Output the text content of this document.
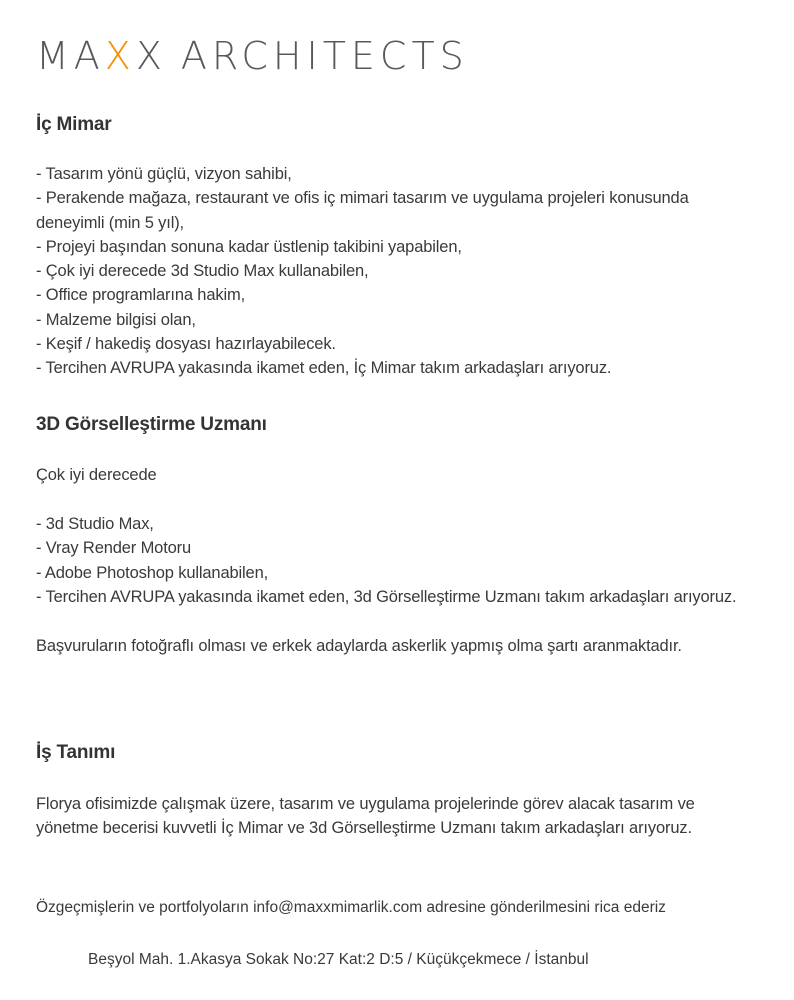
MA X X ARCHITECTS
İç Mimar
- Tasarım yönü güçlü, vizyon sahibi,
- Perakende mağaza, restaurant ve ofis iç mimari tasarım ve uygulama projeleri konusunda deneyimli (min 5 yıl),
- Projeyi başından sonuna kadar üstlenip takibini yapabilen,
- Çok iyi derecede 3d Studio Max kullanabilen,
- Office programlarına hakim,
- Malzeme bilgisi olan,
- Keşif / hakediş dosyası hazırlayabilecek.
- Tercihen AVRUPA yakasında ikamet eden, İç Mimar takım arkadaşları arıyoruz.
3D Görselleştirme Uzmanı
Çok iyi derecede
- 3d Studio Max,
- Vray Render Motoru
- Adobe Photoshop kullanabilen,
- Tercihen AVRUPA yakasında ikamet eden, 3d Görselleştirme Uzmanı takım arkadaşları arıyoruz.
Başvuruların fotoğraflı olması ve erkek adaylarda askerlik yapmış olma şartı aranmaktadır.
İş Tanımı
Florya ofisimizde çalışmak üzere, tasarım ve uygulama projelerinde görev alacak tasarım ve yönetme becerisi kuvvetli İç Mimar ve 3d Görselleştirme Uzmanı takım arkadaşları arıyoruz.
Özgeçmişlerin ve portfolyoların info@maxxmimarlik.com adresine gönderilmesini rica ederiz
Beşyol Mah. 1.Akasya Sokak No:27 Kat:2 D:5 / Küçükçekmece / İstanbul
